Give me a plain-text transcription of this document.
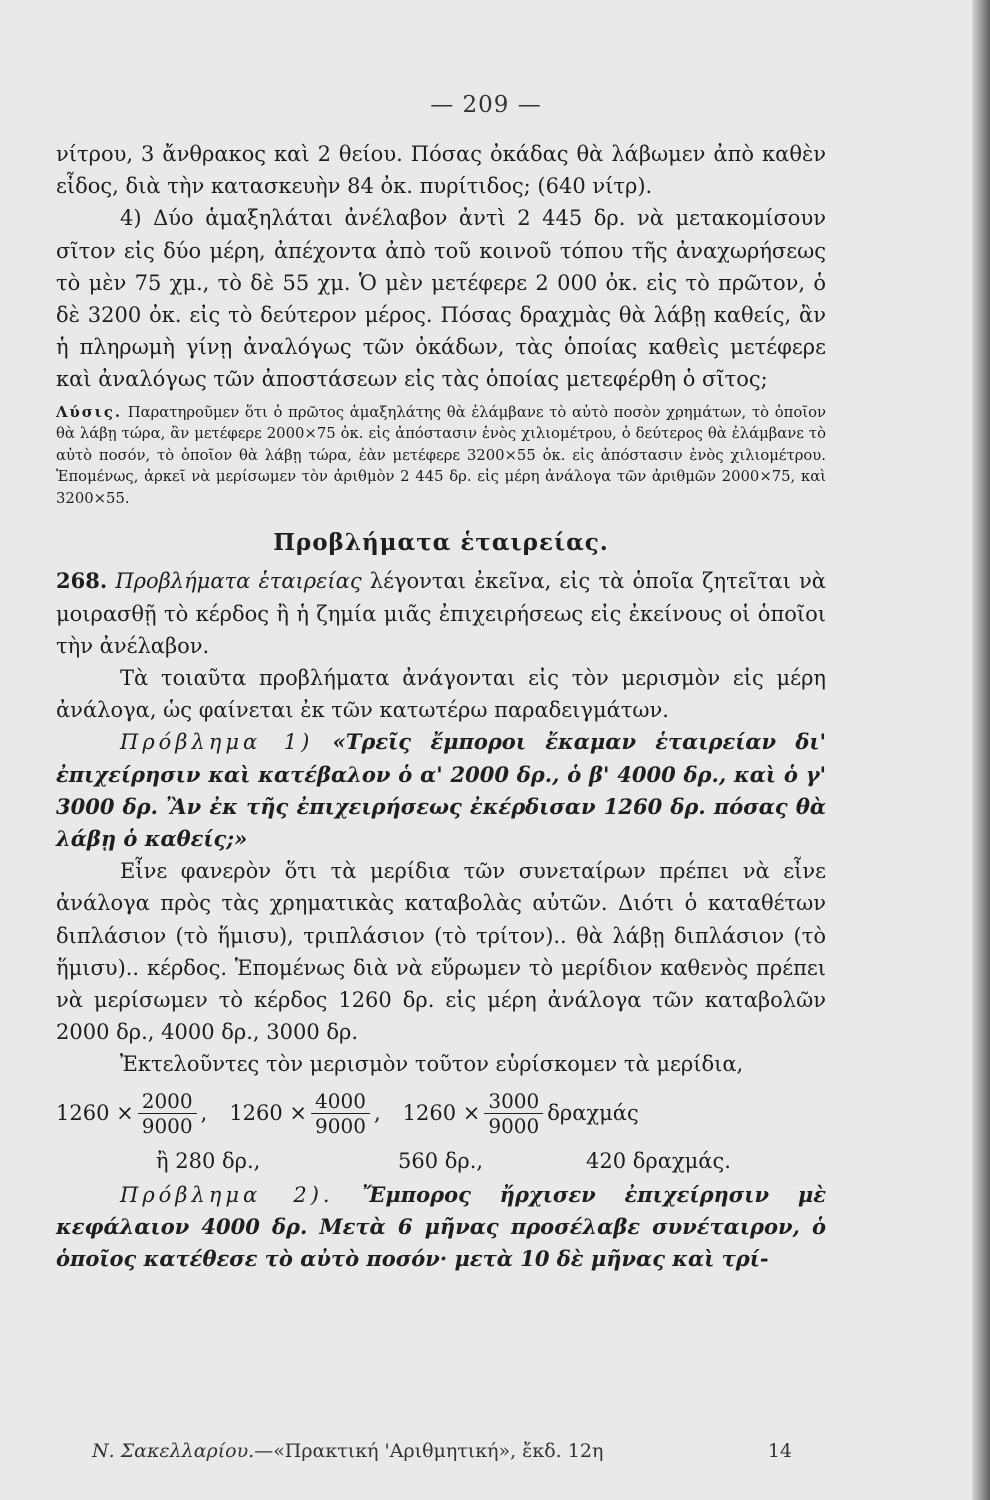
— 209 —

νίτρου, 3 ἄνθρακος καὶ 2 θείου. Πόσας ὀκάδας θὰ λάβωμεν ἀπὸ καθὲν εἶδος, διὰ τὴν κατασκευὴν 84 ὀκ. πυρίτιδος; (640 νίτρ).

4) Δύο ἁμαξηλάται ἀνέλαβον ἀντὶ 2 445 δρ. νὰ μετακομίσουν σῖτον εἰς δύο μέρη, ἀπέχοντα ἀπὸ τοῦ κοινοῦ τόπου τῆς ἀναχωρήσεως τὸ μὲν 75 χμ., τὸ δὲ 55 χμ. Ὁ μὲν μετέφερε 2 000 ὀκ. εἰς τὸ πρῶτον, ὁ δὲ 3200 ὀκ. εἰς τὸ δεύτερον μέρος. Πόσας δραχμὰς θὰ λάβῃ καθείς, ἂν ἡ πληρωμὴ γίνῃ ἀναλόγως τῶν ὀκάδων, τὰς ὁποίας καθεὶς μετέφερε καὶ ἀναλόγως τῶν ἀποστάσεων εἰς τὰς ὁποίας μετεφέρθη ὁ σῖτος;

Λύσις. Παρατηροῦμεν ὅτι ὁ πρῶτος ἁμαξηλάτης θὰ ἐλάμβανε τὸ αὐτὸ ποσὸν χρημάτων, τὸ ὁποῖον θὰ λάβῃ τώρα, ἂν μετέφερε 2000×75 ὀκ. εἰς ἀπόστασιν ἑνὸς χιλιομέτρου, ὁ δεύτερος θὰ ἐλάμβανε τὸ αὐτὸ ποσόν, τὸ ὁποῖον θὰ λάβῃ τώρα, ἐὰν μετέφερε 3200×55 ὀκ. εἰς ἀπόστασιν ἑνὸς χιλιομέτρου. Ἑπομένως, ἀρκεῖ νὰ μερίσωμεν τὸν ἀριθμὸν 2 445 δρ. εἰς μέρη ἀνάλογα τῶν ἀριθμῶν 2000×75, καὶ 3200×55.

Προβλήματα ἑταιρείας.

268. Προβλήματα ἑταιρείας λέγονται ἐκεῖνα, εἰς τὰ ὁποῖα ζητεῖται νὰ μοιρασθῇ τὸ κέρδος ἢ ἡ ζημία μιᾶς ἐπιχειρήσεως εἰς ἐκείνους οἱ ὁποῖοι τὴν ἀνέλαβον.

Τὰ τοιαῦτα προβλήματα ἀνάγονται εἰς τὸν μερισμὸν εἰς μέρη ἀνάλογα, ὡς φαίνεται ἐκ τῶν κατωτέρω παραδειγμάτων.

Πρόβλημα 1) «Τρεῖς ἔμποροι ἔκαμαν ἑταιρείαν δι' ἐπιχείρησιν καὶ κατέβαλον ὁ α' 2000 δρ., ὁ β' 4000 δρ., καὶ ὁ γ' 3000 δρ. Ἂν ἐκ τῆς ἐπιχειρήσεως ἐκέρδισαν 1260 δρ. πόσας θὰ λάβῃ ὁ καθείς;»

Εἶνε φανερὸν ὅτι τὰ μερίδια τῶν συνεταίρων πρέπει νὰ εἶνε ἀνάλογα πρὸς τὰς χρηματικὰς καταβολὰς αὐτῶν. Διότι ὁ καταθέτων διπλάσιον (τὸ ἥμισυ), τριπλάσιον (τὸ τρίτον).. θὰ λάβῃ διπλάσιον (τὸ ἥμισυ).. κέρδος. Ἑπομένως διὰ νὰ εὕρωμεν τὸ μερίδιον καθενὸς πρέπει νὰ μερίσωμεν τὸ κέρδος 1260 δρ. εἰς μέρη ἀνάλογα τῶν καταβολῶν 2000 δρ., 4000 δρ., 3000 δρ.

Ἐκτελοῦντες τὸν μερισμὸν τοῦτον εὑρίσκομεν τὰ μερίδια,

$1260 \times \frac{2000}{9000}$ , $1260 \times \frac{4000}{9000}$ , $1260 \times \frac{3000}{9000}$ δραχμάς
ἢ 280 δρ.,	560 δρ.,	420 δραχμάς.

Πρόβλημα 2). Ἔμπορος ἤρχισεν ἐπιχείρησιν μὲ κεφάλαιον 4000 δρ. Μετὰ 6 μῆνας προσέλαβε συνέταιρον, ὁ ὁποῖος κατέθεσε τὸ αὐτὸ ποσόν· μετὰ 10 δὲ μῆνας καὶ τρί-

Ν. Σακελλαρίου.—«Πρακτική 'Αριθμητική», ἔκδ. 12η	14
